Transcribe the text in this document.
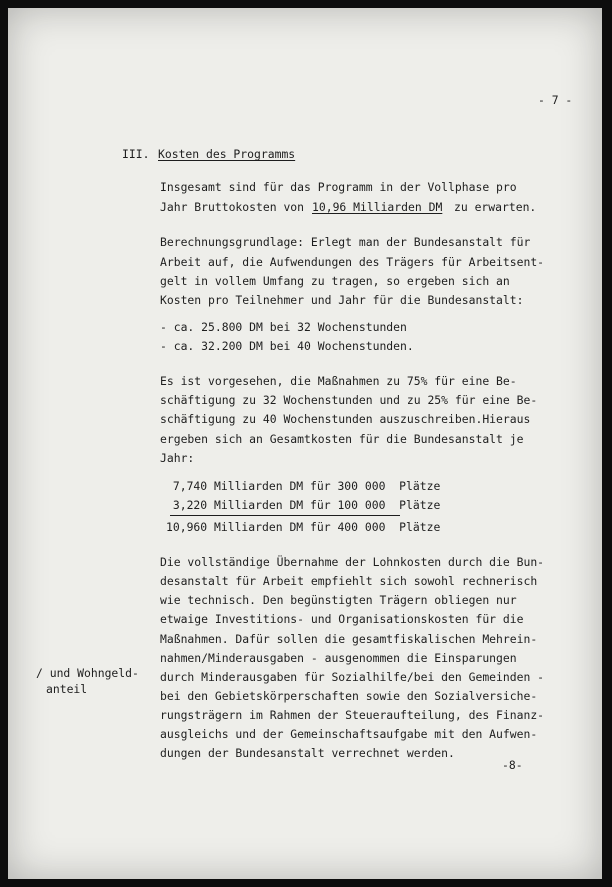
- 7 -
III. Kosten des Programms
Insgesamt sind für das Programm in der Vollphase pro
Jahr Bruttokosten von 10,96 Milliarden DM zu erwarten.
Berechnungsgrundlage: Erlegt man der Bundesanstalt für
Arbeit auf, die Aufwendungen des Trägers für Arbeitsent-
gelt in vollem Umfang zu tragen, so ergeben sich an
Kosten pro Teilnehmer und Jahr für die Bundesanstalt:
- ca. 25.800 DM bei 32 Wochenstunden
- ca. 32.200 DM bei 40 Wochenstunden.
Es ist vorgesehen, die Maßnahmen zu 75% für eine Be-
schäftigung zu 32 Wochenstunden und zu 25% für eine Be-
schäftigung zu 40 Wochenstunden auszuschreiben.Hieraus
ergeben sich an Gesamtkosten für die Bundesanstalt je
Jahr:
7,740 Milliarden DM für 300 000  Plätze
3,220 Milliarden DM für 100 000  Plätze
10,960 Milliarden DM für 400 000  Plätze
Die vollständige Übernahme der Lohnkosten durch die Bun-
desanstalt für Arbeit empfiehlt sich sowohl rechnerisch
wie technisch. Den begünstigten Trägern obliegen nur
etwaige Investitions- und Organisationskosten für die
Maßnahmen. Dafür sollen die gesamtfiskalischen Mehrein-
nahmen/Minderausgaben - ausgenommen die Einsparungen
durch Minderausgaben für Sozialhilfe/bei den Gemeinden -
bei den Gebietskörperschaften sowie den Sozialversiche-
rungsträgern im Rahmen der Steueraufteilung, des Finanz-
ausgleichs und der Gemeinschaftsaufgabe mit den Aufwen-
dungen der Bundesanstalt verrechnet werden.
/ und Wohngeld-
anteil
-8-
